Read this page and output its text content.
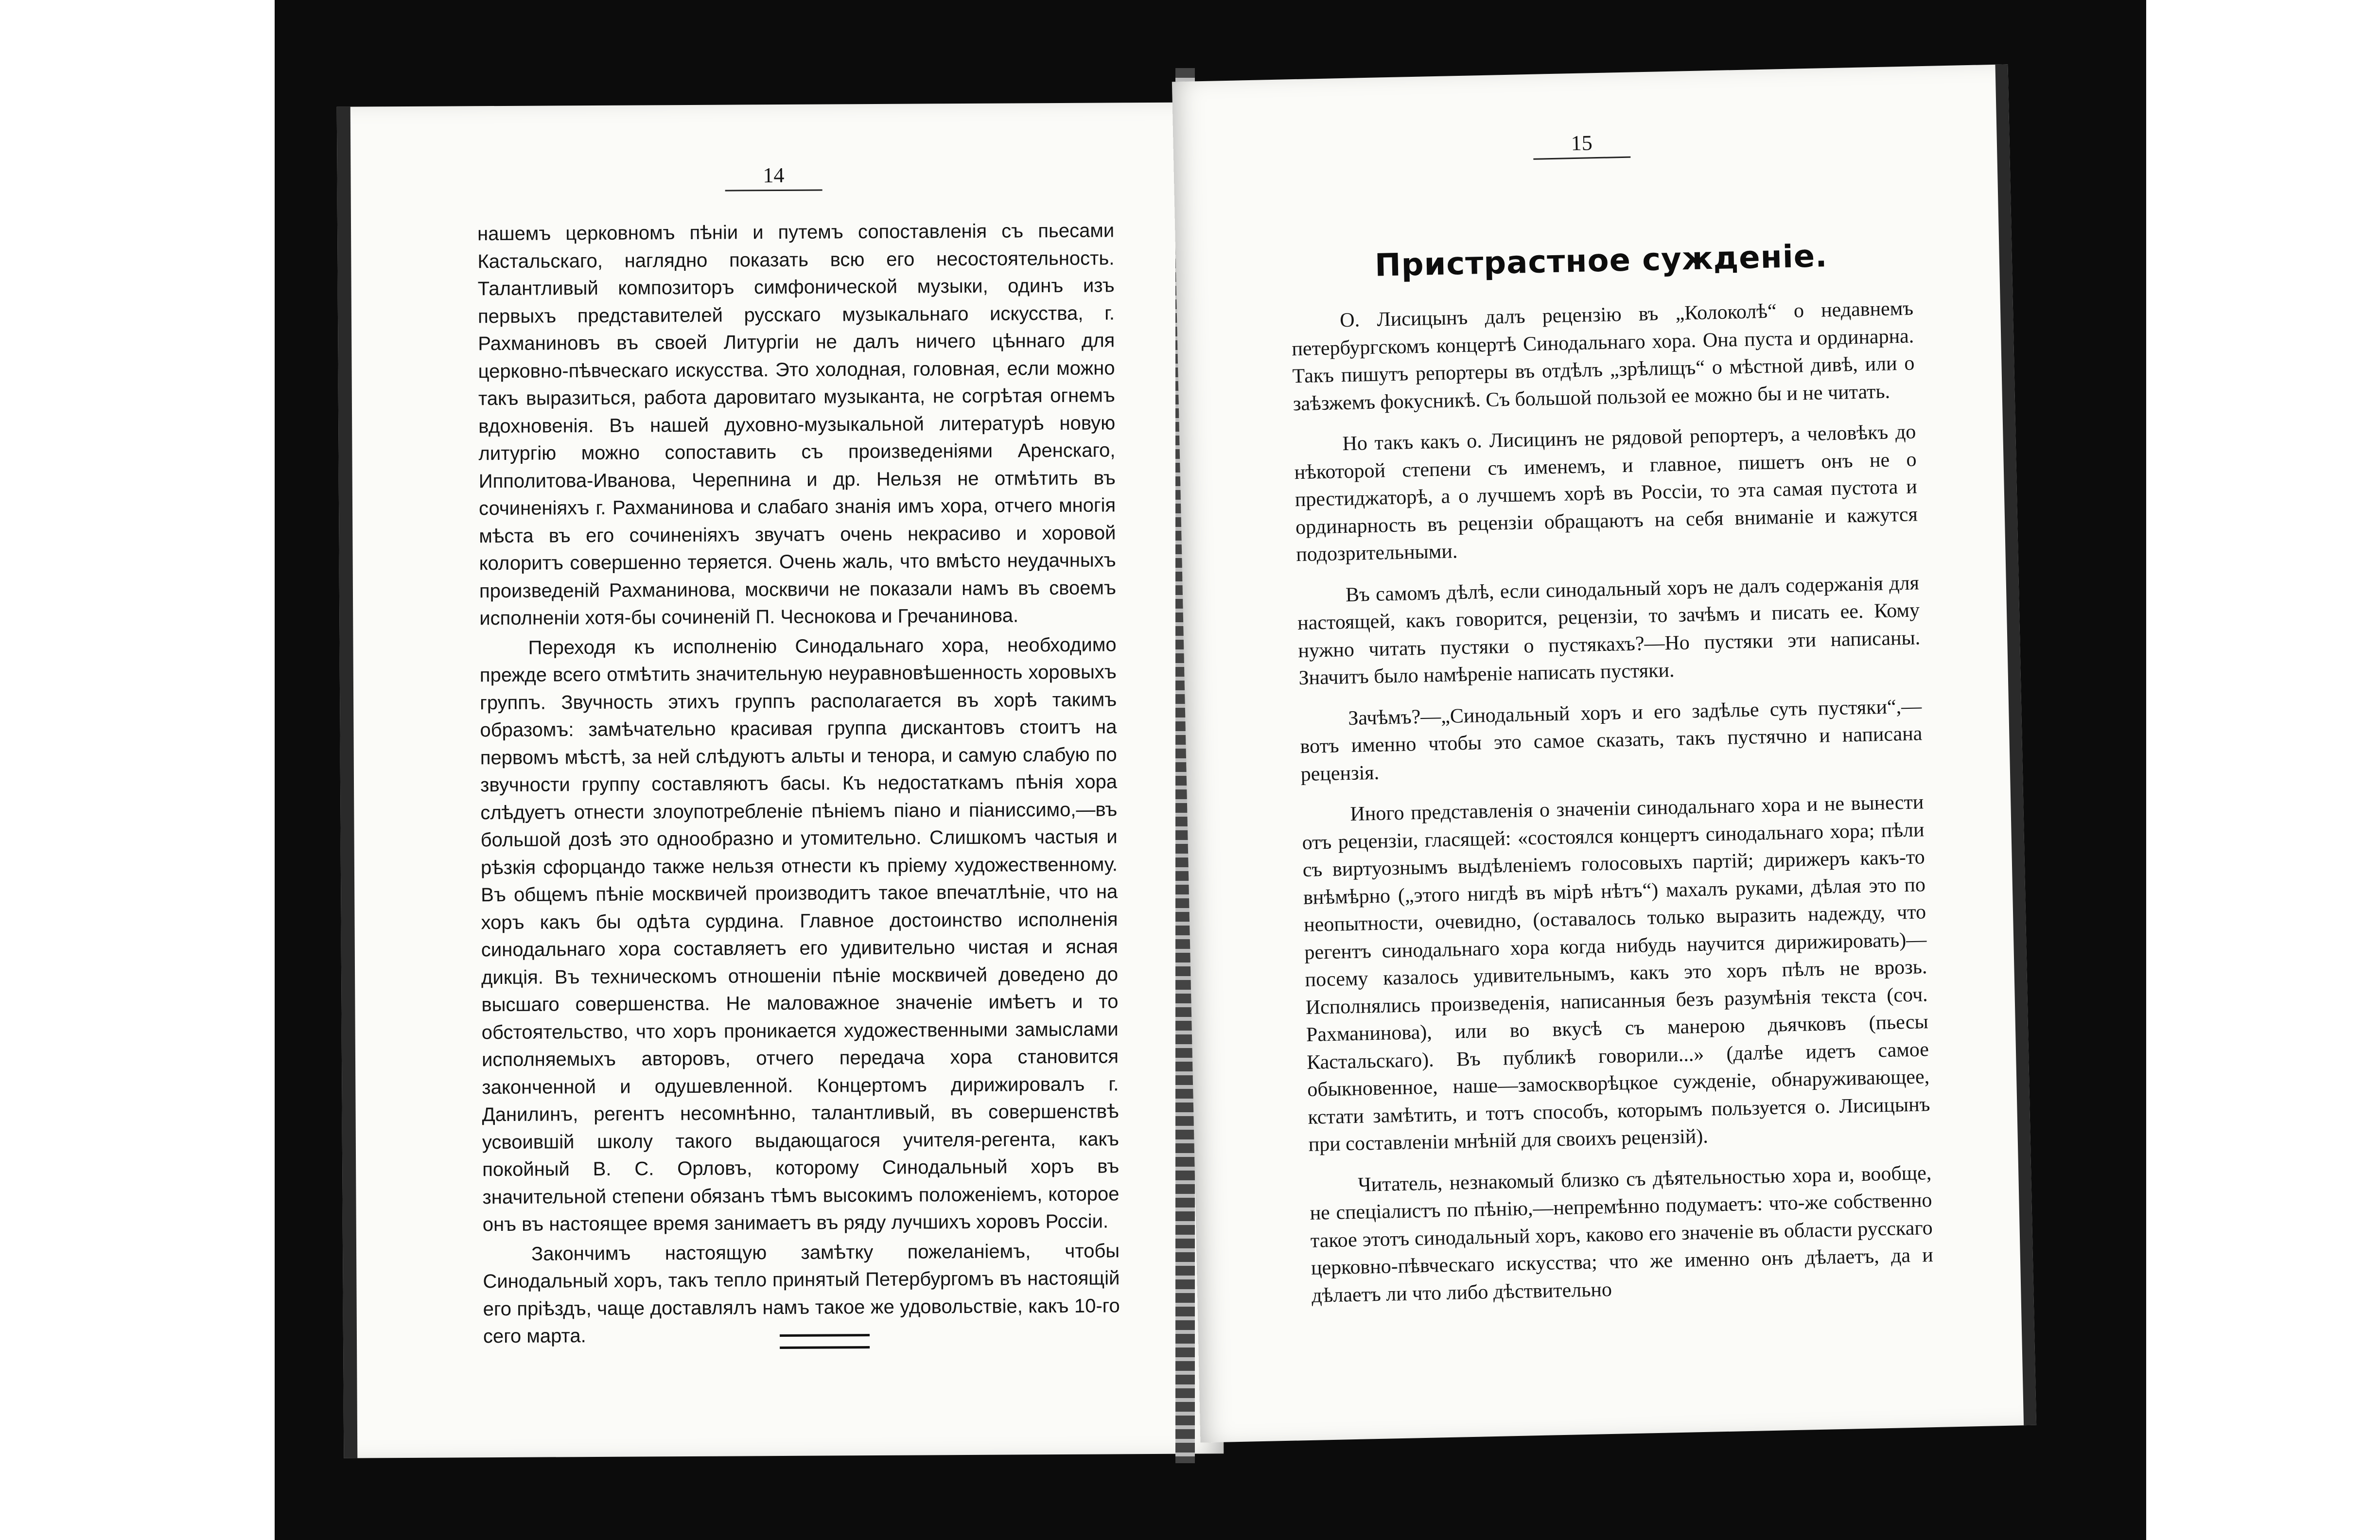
14

нашемъ церковномъ пѣніи и путемъ сопоставленія съ пьесами Кастальскаго, наглядно показать всю его несостоятельность. Талантливый композиторъ симфонической музыки, одинъ изъ первыхъ представителей русскаго музыкальнаго искусства, г. Рахманиновъ въ своей Литургіи не далъ ничего цѣннаго для церковно-пѣвческаго искусства. Это холодная, головная, если можно такъ выразиться, работа даровитаго музыканта, не согрѣтая огнемъ вдохновенія. Въ нашей духовно-музыкальной литературѣ новую литургію можно сопоставить съ произведеніями Аренскаго, Ипполитова-Иванова, Черепнина и др. Нельзя не отмѣтить въ сочиненіяхъ г. Рахманинова и слабаго знанія имъ хора, отчего многія мѣста въ его сочиненіяхъ звучатъ очень некрасиво и хоровой колоритъ совершенно теряется. Очень жаль, что вмѣсто неудачныхъ произведеній Рахманинова, москвичи не показали намъ въ своемъ исполненіи хотя-бы сочиненій П. Чеснокова и Гречанинова.

Переходя къ исполненію Синодальнаго хора, необходимо прежде всего отмѣтить значительную неуравновѣшенность хоровыхъ группъ. Звучность этихъ группъ располагается въ хорѣ такимъ образомъ: замѣчательно красивая группа дискантовъ стоитъ на первомъ мѣстѣ, за ней слѣдуютъ альты и тенора, и самую слабую по звучности группу составляютъ басы. Къ недостаткамъ пѣнія хора слѣдуетъ отнести злоупотребленіе пѣніемъ піано и піанисcимо,—въ большой дозѣ это однообразно и утомительно. Слишкомъ частыя и рѣзкія сфорцандо также нельзя отнести къ пріему художественному. Въ общемъ пѣніе москвичей производитъ такое впечатлѣніе, что на хоръ какъ бы одѣта сурдина. Главное достоинство исполненія синодальнаго хора составляетъ его удивительно чистая и ясная дикція. Въ техническомъ отношеніи пѣніе москвичей доведено до высшаго совершенства. Не маловажное значеніе имѣетъ и то обстоятельство, что хоръ проникается художественными замыслами исполняемыхъ авторовъ, отчего передача хора становится законченной и одушевленной. Концертомъ дирижировалъ г. Данилинъ, регентъ несомнѣнно, талантливый, въ совершенствѣ усвоившій школу такого выдающагося учителя-регента, какъ покойный В. С. Орловъ, которому Синодальный хоръ въ значительной степени обязанъ тѣмъ высокимъ положеніемъ, которое онъ въ настоящее время занимаетъ въ ряду лучшихъ хоровъ Россіи.

Закончимъ настоящую замѣтку пожеланіемъ, чтобы Синодальный хоръ, такъ тепло принятый Петербургомъ въ настоящій его пріѣздъ, чаще доставлялъ намъ такое же удовольствіе, какъ 10-го сего марта.

15
Пристрастное сужденіе.

О. Лисицынъ далъ рецензію въ „Колоколѣ“ о недавнемъ петербургскомъ концертѣ Синодальнаго хора. Она пуста и ординарна. Такъ пишутъ репортеры въ отдѣлъ „зрѣлищъ“ о мѣстной дивѣ, или о заѣзжемъ фокусникѣ. Съ большой пользой ее можно бы и не читать.

Но такъ какъ о. Лисицинъ не рядовой репортеръ, а человѣкъ до нѣкоторой степени съ именемъ, и главное, пишетъ онъ не о престиджаторѣ, а о лучшемъ хорѣ въ Россіи, то эта самая пустота и ординарность въ рецензіи обращаютъ на себя вниманіе и кажутся подозрительными.

Въ самомъ дѣлѣ, если синодальный хоръ не далъ содержанія для настоящей, какъ говорится, рецензіи, то зачѣмъ и писать ее. Кому нужно читать пустяки о пустякахъ?—Но пустяки эти написаны. Значитъ было намѣреніе написать пустяки.

Зачѣмъ?—„Синодальный хоръ и его задѣлье суть пустяки“,— вотъ именно чтобы это самое сказать, такъ пустячно и написана рецензія.

Иного представленія о значеніи синодальнаго хора и не вынести отъ рецензіи, гласящей: «состоялся концертъ синодальнаго хора; пѣли съ виртуознымъ выдѣленіемъ голосовыхъ партій; дирижеръ какъ-то внѣмѣрно („этого нигдѣ въ мірѣ нѣтъ“) махалъ руками, дѣлая это по неопытности, очевидно, (оставалось только выразить надежду, что регентъ синодальнаго хора когда нибудь научится дирижировать)—посему казалось удивительнымъ, какъ это хоръ пѣлъ не врозь. Исполнялись произведенія, написанныя безъ разумѣнія текста (соч. Рахманинова), или во вкусѣ съ манерою дьячковъ (пьесы Кастальскаго). Въ публикѣ говорили...» (далѣе идетъ самое обыкновенное, наше—замоскворѣцкое сужденіе, обнаруживающее, кстати замѣтить, и тотъ способъ, которымъ пользуется о. Лисицынъ при составленіи мнѣній для своихъ рецензій).

Читатель, незнакомый близко съ дѣятельностью хора и, вообще, не спеціалистъ по пѣнію,—непремѣнно подумаетъ: что-же собственно такое этотъ синодальный хоръ, каково его значеніе въ области русскаго церковно-пѣвческаго искусства; что же именно онъ дѣлаетъ, да и дѣлаетъ ли что либо дѣствительно
